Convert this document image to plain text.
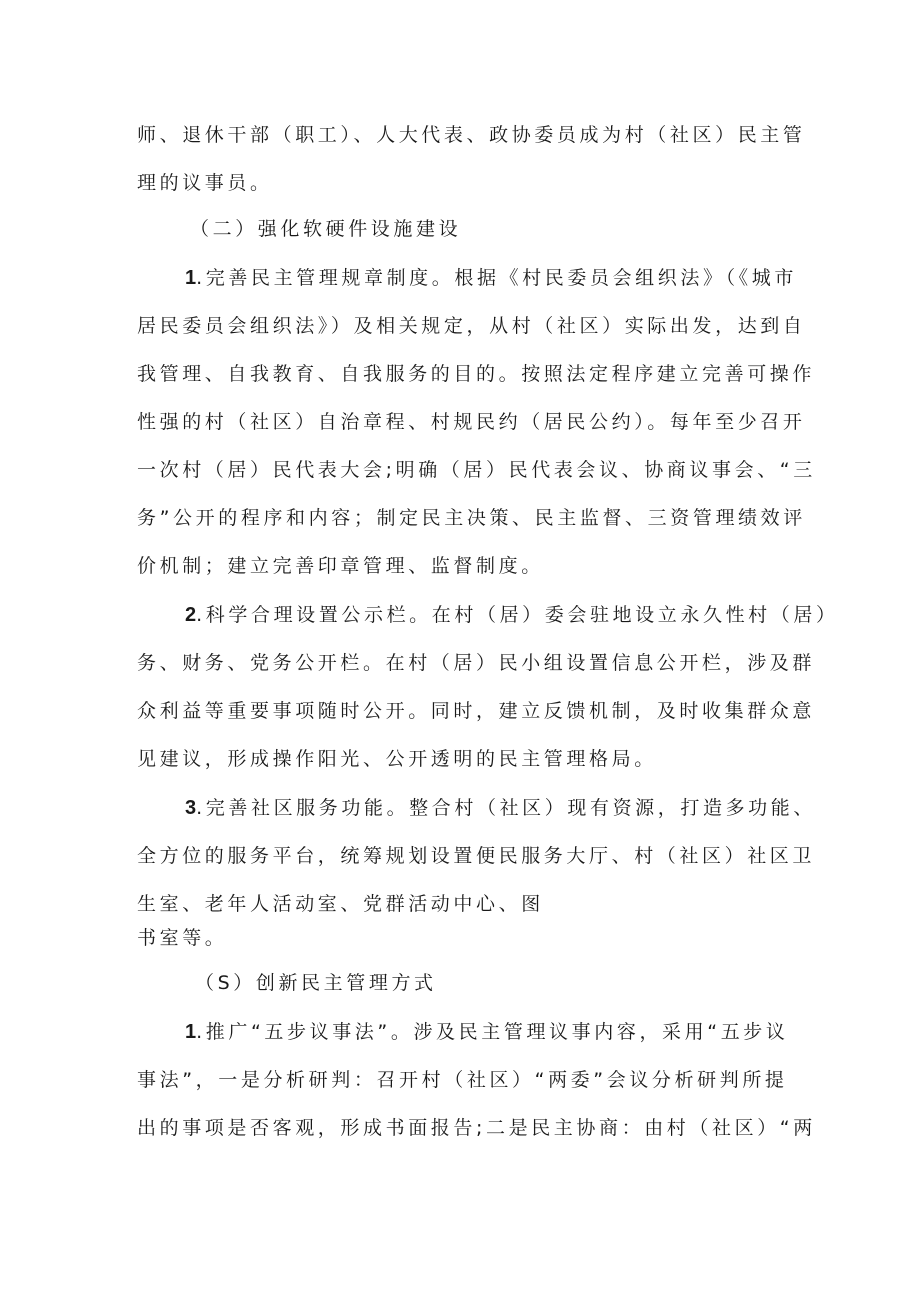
师、退休干部（职工）、人大代表、政协委员成为村（社区）民主管
理的议事员。
（二）强化软硬件设施建设
1.完善民主管理规章制度。根据《村民委员会组织法》（《城市
居民委员会组织法》）及相关规定，从村（社区）实际出发，达到自
我管理、自我教育、自我服务的目的。按照法定程序建立完善可操作
性强的村（社区）自治章程、村规民约（居民公约）。每年至少召开
一次村（居）民代表大会;明确（居）民代表会议、协商议事会、“三
务”公开的程序和内容；制定民主决策、民主监督、三资管理绩效评
价机制；建立完善印章管理、监督制度。
2.科学合理设置公示栏。在村（居）委会驻地设立永久性村（居）
务、财务、党务公开栏。在村（居）民小组设置信息公开栏，涉及群
众利益等重要事项随时公开。同时，建立反馈机制，及时收集群众意
见建议，形成操作阳光、公开透明的民主管理格局。
3.完善社区服务功能。整合村（社区）现有资源，打造多功能、
全方位的服务平台，统筹规划设置便民服务大厅、村（社区）社区卫
生室、老年人活动室、党群活动中心、图
书室等。
（S）创新民主管理方式
1.推广“五步议事法”。涉及民主管理议事内容，采用“五步议
事法”，一是分析研判：召开村（社区）“两委”会议分析研判所提
出的事项是否客观，形成书面报告;二是民主协商：由村（社区）“两
